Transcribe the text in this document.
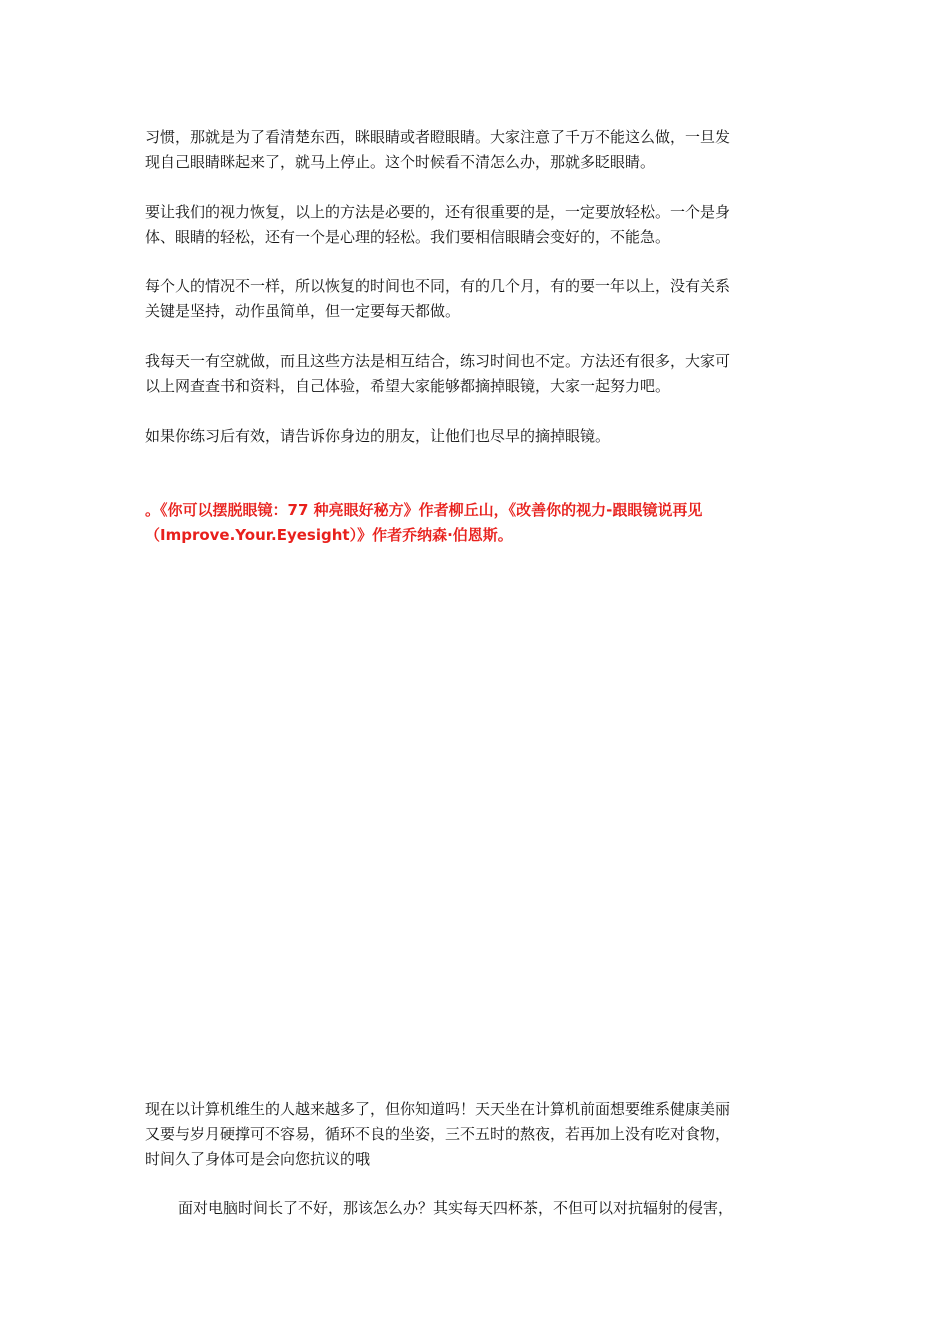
习惯，那就是为了看清楚东西，眯眼睛或者瞪眼睛。大家注意了千万不能这么做，一旦发
现自己眼睛眯起来了，就马上停止。这个时候看不清怎么办，那就多眨眼睛。
要让我们的视力恢复，以上的方法是必要的，还有很重要的是，一定要放轻松。一个是身
体、眼睛的轻松，还有一个是心理的轻松。我们要相信眼睛会变好的，不能急。
每个人的情况不一样，所以恢复的时间也不同，有的几个月，有的要一年以上，没有关系
关键是坚持，动作虽简单，但一定要每天都做。
我每天一有空就做，而且这些方法是相互结合，练习时间也不定。方法还有很多，大家可
以上网查查书和资料，自己体验，希望大家能够都摘掉眼镜，大家一起努力吧。
如果你练习后有效，请告诉你身边的朋友，让他们也尽早的摘掉眼镜。
。《你可以摆脱眼镜：77 种亮眼好秘方》作者柳丘山，《改善你的视力-跟眼镜说再见
（Improve.Your.Eyesight）》作者乔纳森·伯恩斯。
现在以计算机维生的人越来越多了，但你知道吗！天天坐在计算机前面想要维系健康美丽
又要与岁月硬撑可不容易，循环不良的坐姿，三不五时的熬夜，若再加上没有吃对食物，
时间久了身体可是会向您抗议的哦
面对电脑时间长了不好，那该怎么办？其实每天四杯茶，不但可以对抗辐射的侵害，
